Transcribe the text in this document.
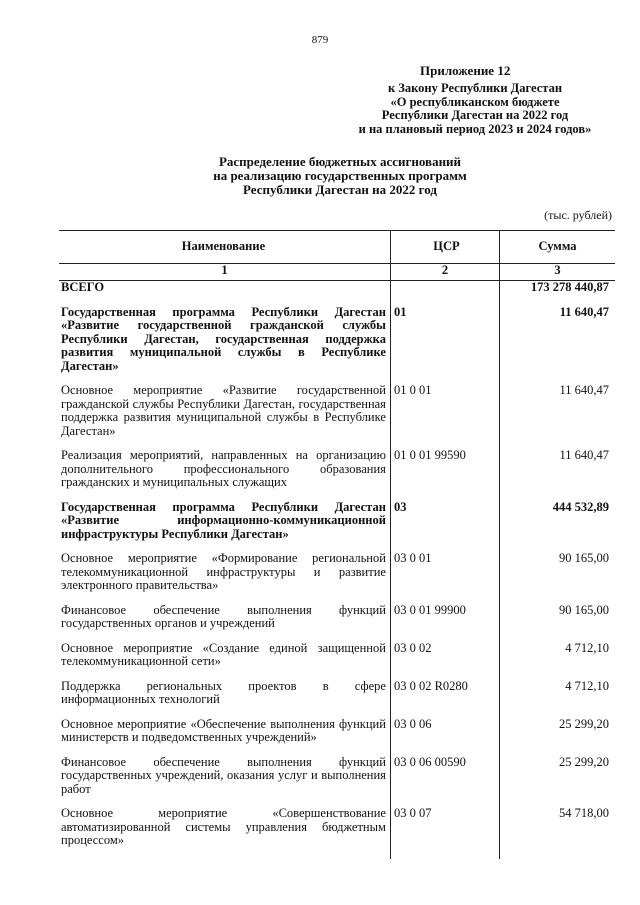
879
Приложение 12
к Закону Республики Дагестан
«О республиканском бюджете
Республики Дагестан на 2022 год
и на плановый период 2023 и 2024 годов»
Распределение бюджетных ассигнований
на реализацию государственных программ
Республики Дагестан на 2022 год
(тыс. рублей)
Наименование	ЦСР	Сумма
1	2	3
ВСЕГО		173 278 440,87
Государственная программа Республики Дагестан «Развитие государственной гражданской службы Республики Дагестан, государственная поддержка развития муниципальной службы в Республике Дагестан»	01	11 640,47
Основное мероприятие «Развитие государственной гражданской службы Республики Дагестан, государственная поддержка развития муниципальной службы в Республике Дагестан»	01 0 01	11 640,47
Реализация мероприятий, направленных на организацию дополнительного профессионального образования гражданских и муниципальных служащих	01 0 01 99590	11 640,47
Государственная программа Республики Дагестан «Развитие информационно-коммуникационной инфраструктуры Республики Дагестан»	03	444 532,89
Основное мероприятие «Формирование региональной телекоммуникационной инфраструктуры и развитие электронного правительства»	03 0 01	90 165,00
Финансовое обеспечение выполнения функций государственных органов и учреждений	03 0 01 99900	90 165,00
Основное мероприятие «Создание единой защищенной телекоммуникационной сети»	03 0 02	4 712,10
Поддержка региональных проектов в сфере информационных технологий	03 0 02 R0280	4 712,10
Основное мероприятие «Обеспечение выполнения функций министерств и подведомственных учреждений»	03 0 06	25 299,20
Финансовое обеспечение выполнения функций государственных учреждений, оказания услуг и выполнения работ	03 0 06 00590	25 299,20
Основное мероприятие «Совершенствование автоматизированной системы управления бюджетным процессом»	03 0 07	54 718,00
